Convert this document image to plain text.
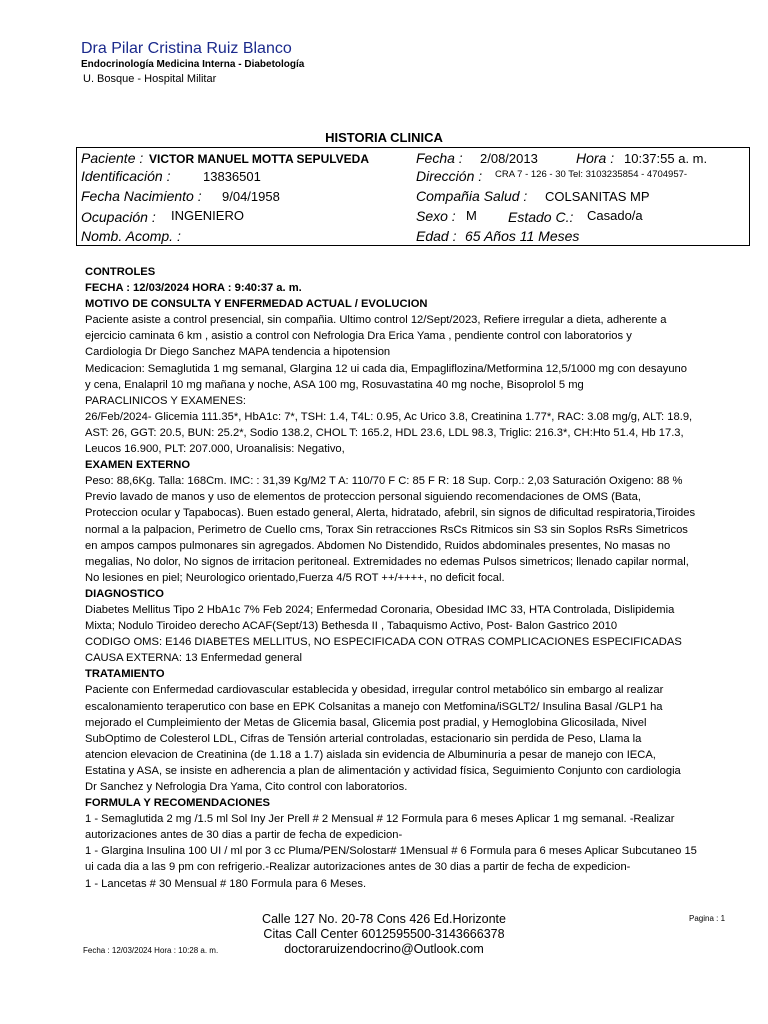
Dra Pilar Cristina Ruiz Blanco
Endocrinología Medicina Interna - Diabetología
U. Bosque - Hospital Militar
HISTORIA CLINICA
Paciente : VICTOR MANUEL MOTTA SEPULVEDA
Identificación :	13836501
Fecha Nacimiento : 9/04/1958
Ocupación : INGENIERO
Nomb. Acomp. :
Fecha : 2/08/2013	Hora : 10:37:55 a. m.
Dirección : CRA 7 - 126 - 30 Tel: 3103235854 - 4704957-
Compañia Salud : COLSANITAS MP
Sexo : M Estado C.: Casado/a
Edad : 65 Años 11 Meses
CONTROLES
FECHA : 12/03/2024 HORA : 9:40:37 a. m.
MOTIVO DE CONSULTA Y ENFERMEDAD ACTUAL / EVOLUCION
Paciente asiste a control presencial, sin compañia. Ultimo control 12/Sept/2023, Refiere irregular a dieta, adherente a
ejercicio caminata 6 km , asistio a control con Nefrologia Dra Erica Yama , pendiente control con laboratorios y
Cardiologia Dr Diego Sanchez MAPA tendencia a hipotension
Medicacion: Semaglutida 1 mg semanal, Glargina 12 ui cada dia, Empagliflozina/Metformina 12,5/1000 mg con desayuno
y cena, Enalapril 10 mg mañana y noche, ASA 100 mg, Rosuvastatina 40 mg noche, Bisoprolol 5 mg
PARACLINICOS Y EXAMENES:
26/Feb/2024- Glicemia 111.35*, HbA1c: 7*, TSH: 1.4, T4L: 0.95, Ac Urico 3.8, Creatinina 1.77*, RAC: 3.08 mg/g, ALT: 18.9,
AST: 26, GGT: 20.5, BUN: 25.2*, Sodio 138.2, CHOL T: 165.2, HDL 23.6, LDL 98.3, Triglic: 216.3*, CH:Hto 51.4, Hb 17.3,
Leucos 16.900, PLT: 207.000, Uroanalisis: Negativo,
EXAMEN EXTERNO
Peso: 88,6Kg. Talla: 168Cm. IMC: : 31,39 Kg/M2 T A: 110/70 F C: 85 F R: 18 Sup. Corp.: 2,03 Saturación Oxigeno: 88 %
Previo lavado de manos y uso de elementos de proteccion personal siguiendo recomendaciones de OMS (Bata,
Proteccion ocular y Tapabocas). Buen estado general, Alerta, hidratado, afebril, sin signos de dificultad respiratoria,Tiroides
normal a la palpacion, Perimetro de Cuello cms, Torax Sin retracciones RsCs Ritmicos sin S3 sin Soplos RsRs Simetricos
en ampos campos pulmonares sin agregados. Abdomen No Distendido, Ruidos abdominales presentes, No masas no
megalias, No dolor, No signos de irritacion peritoneal. Extremidades no edemas Pulsos simetricos; llenado capilar normal,
No lesiones en piel; Neurologico orientado,Fuerza 4/5 ROT ++/++++, no deficit focal.
DIAGNOSTICO
Diabetes Mellitus Tipo 2 HbA1c 7% Feb 2024; Enfermedad Coronaria, Obesidad IMC 33, HTA Controlada, Dislipidemia
Mixta; Nodulo Tiroideo derecho ACAF(Sept/13) Bethesda II , Tabaquismo Activo, Post- Balon Gastrico 2010
CODIGO OMS: E146 DIABETES MELLITUS, NO ESPECIFICADA CON OTRAS COMPLICACIONES ESPECIFICADAS
CAUSA EXTERNA: 13 Enfermedad general
TRATAMIENTO
Paciente con Enfermedad cardiovascular establecida y obesidad, irregular control metabólico sin embargo al realizar
escalonamiento teraperutico con base en EPK Colsanitas a manejo con Metfomina/iSGLT2/ Insulina Basal /GLP1 ha
mejorado el Cumpleimiento der Metas de Glicemia basal, Glicemia post pradial, y Hemoglobina Glicosilada, Nivel
SubOptimo de Colesterol LDL, Cifras de Tensión arterial controladas, estacionario sin perdida de Peso, Llama la
atencion elevacion de Creatinina (de 1.18 a 1.7) aislada sin evidencia de Albuminuria a pesar de manejo con IECA,
Estatina y ASA, se insiste en adherencia a plan de alimentación y actividad física, Seguimiento Conjunto con cardiologia
Dr Sanchez y Nefrologia Dra Yama, Cito control con laboratorios.
FORMULA Y RECOMENDACIONES
1 - Semaglutida 2 mg /1.5 ml Sol Iny Jer Prell # 2 Mensual # 12 Formula para 6 meses Aplicar 1 mg semanal. -Realizar
autorizaciones antes de 30 dias a partir de fecha de expedicion-
1 - Glargina Insulina 100 UI / ml por 3 cc Pluma/PEN/Solostar# 1Mensual # 6 Formula para 6 meses Aplicar Subcutaneo 15
ui cada dia a las 9 pm con refrigerio.-Realizar autorizaciones antes de 30 dias a partir de fecha de expedicion-
1 - Lancetas # 30 Mensual # 180 Formula para 6 Meses.
Calle 127 No. 20-78 Cons 426 Ed.Horizonte
Citas Call Center 6012595500-3143666378
doctoraruizendocrino@Outlook.com
Pagina : 1
Fecha : 12/03/2024 Hora : 10:28 a. m.
